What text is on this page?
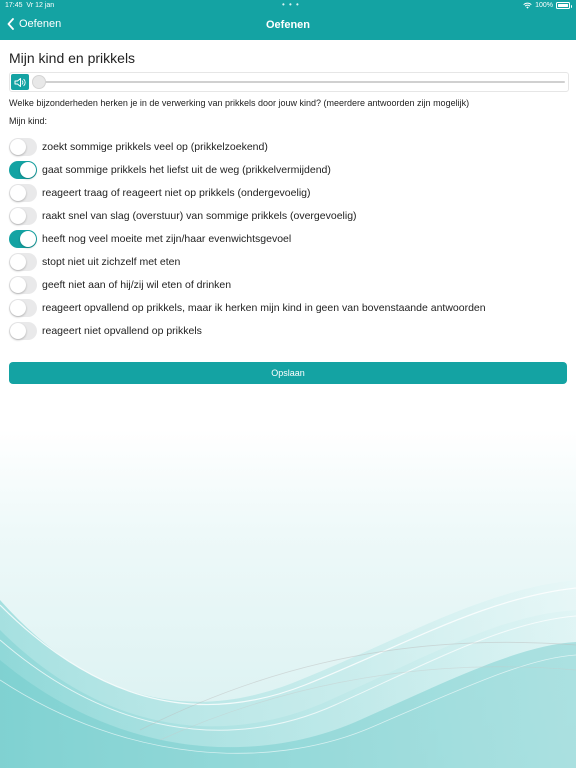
17:45 Vr 12 jan	• • •	100%
Oefenen	Oefenen
Mijn kind en prikkels
Welke bijzonderheden herken je in de verwerking van prikkels door jouw kind? (meerdere antwoorden zijn mogelijk)
Mijn kind:
zoekt sommige prikkels veel op (prikkelzoekend)
gaat sommige prikkels het liefst uit de weg (prikkelvermijdend)
reageert traag of reageert niet op prikkels (ondergevoelig)
raakt snel van slag (overstuur) van sommige prikkels (overgevoelig)
heeft nog veel moeite met zijn/haar evenwichtsgevoel
stopt niet uit zichzelf met eten
geeft niet aan of hij/zij wil eten of drinken
reageert opvallend op prikkels, maar ik herken mijn kind in geen van bovenstaande antwoorden
reageert niet opvallend op prikkels
Opslaan
